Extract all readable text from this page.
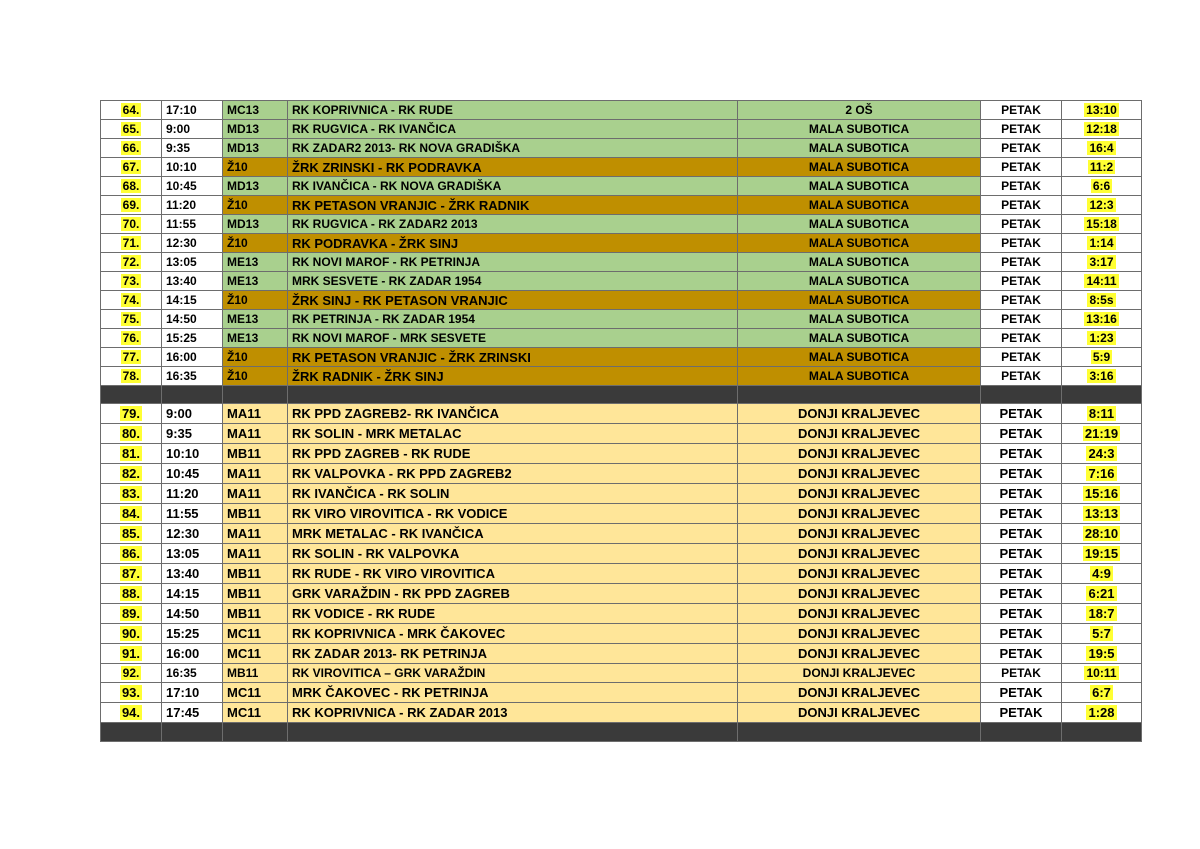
64.	17:10	MC13	RK KOPRIVNICA - RK RUDE	2 OŠ	PETAK	13:10
65.	9:00	MD13	RK RUGVICA - RK IVANČICA	MALA SUBOTICA	PETAK	12:18
66.	9:35	MD13	RK ZADAR2 2013- RK NOVA GRADIŠKA	MALA SUBOTICA	PETAK	16:4
67.	10:10	Ž10	ŽRK ZRINSKI - RK PODRAVKA	MALA SUBOTICA	PETAK	11:2
68.	10:45	MD13	RK IVANČICA - RK NOVA GRADIŠKA	MALA SUBOTICA	PETAK	6:6
69.	11:20	Ž10	RK PETASON VRANJIC - ŽRK RADNIK	MALA SUBOTICA	PETAK	12:3
70.	11:55	MD13	RK RUGVICA - RK ZADAR2 2013	MALA SUBOTICA	PETAK	15:18
71.	12:30	Ž10	RK PODRAVKA - ŽRK SINJ	MALA SUBOTICA	PETAK	1:14
72.	13:05	ME13	RK NOVI MAROF - RK PETRINJA	MALA SUBOTICA	PETAK	3:17
73.	13:40	ME13	MRK SESVETE - RK ZADAR 1954	MALA SUBOTICA	PETAK	14:11
74.	14:15	Ž10	ŽRK SINJ - RK PETASON VRANJIC	MALA SUBOTICA	PETAK	8:5s
75.	14:50	ME13	RK PETRINJA - RK ZADAR 1954	MALA SUBOTICA	PETAK	13:16
76.	15:25	ME13	RK NOVI MAROF - MRK SESVETE	MALA SUBOTICA	PETAK	1:23
77.	16:00	Ž10	RK PETASON VRANJIC - ŽRK ZRINSKI	MALA SUBOTICA	PETAK	5:9
78.	16:35	Ž10	ŽRK RADNIK - ŽRK SINJ	MALA SUBOTICA	PETAK	3:16

79.	9:00	MA11	RK PPD ZAGREB2- RK IVANČICA	DONJI KRALJEVEC	PETAK	8:11
80.	9:35	MA11	RK SOLIN - MRK METALAC	DONJI KRALJEVEC	PETAK	21:19
81.	10:10	MB11	RK PPD ZAGREB - RK RUDE	DONJI KRALJEVEC	PETAK	24:3
82.	10:45	MA11	RK VALPOVKA - RK PPD ZAGREB2	DONJI KRALJEVEC	PETAK	7:16
83.	11:20	MA11	RK IVANČICA - RK SOLIN	DONJI KRALJEVEC	PETAK	15:16
84.	11:55	MB11	RK VIRO VIROVITICA - RK VODICE	DONJI KRALJEVEC	PETAK	13:13
85.	12:30	MA11	MRK METALAC - RK IVANČICA	DONJI KRALJEVEC	PETAK	28:10
86.	13:05	MA11	RK SOLIN - RK VALPOVKA	DONJI KRALJEVEC	PETAK	19:15
87.	13:40	MB11	RK RUDE - RK VIRO VIROVITICA	DONJI KRALJEVEC	PETAK	4:9
88.	14:15	MB11	GRK VARAŽDIN - RK PPD ZAGREB	DONJI KRALJEVEC	PETAK	6:21
89.	14:50	MB11	RK VODICE - RK RUDE	DONJI KRALJEVEC	PETAK	18:7
90.	15:25	MC11	RK KOPRIVNICA - MRK ČAKOVEC	DONJI KRALJEVEC	PETAK	5:7
91.	16:00	MC11	RK ZADAR 2013- RK PETRINJA	DONJI KRALJEVEC	PETAK	19:5
92.	16:35	MB11	RK VIROVITICA – GRK VARAŽDIN	DONJI KRALJEVEC	PETAK	10:11
93.	17:10	MC11	MRK ČAKOVEC - RK PETRINJA	DONJI KRALJEVEC	PETAK	6:7
94.	17:45	MC11	RK KOPRIVNICA - RK ZADAR 2013	DONJI KRALJEVEC	PETAK	1:28
